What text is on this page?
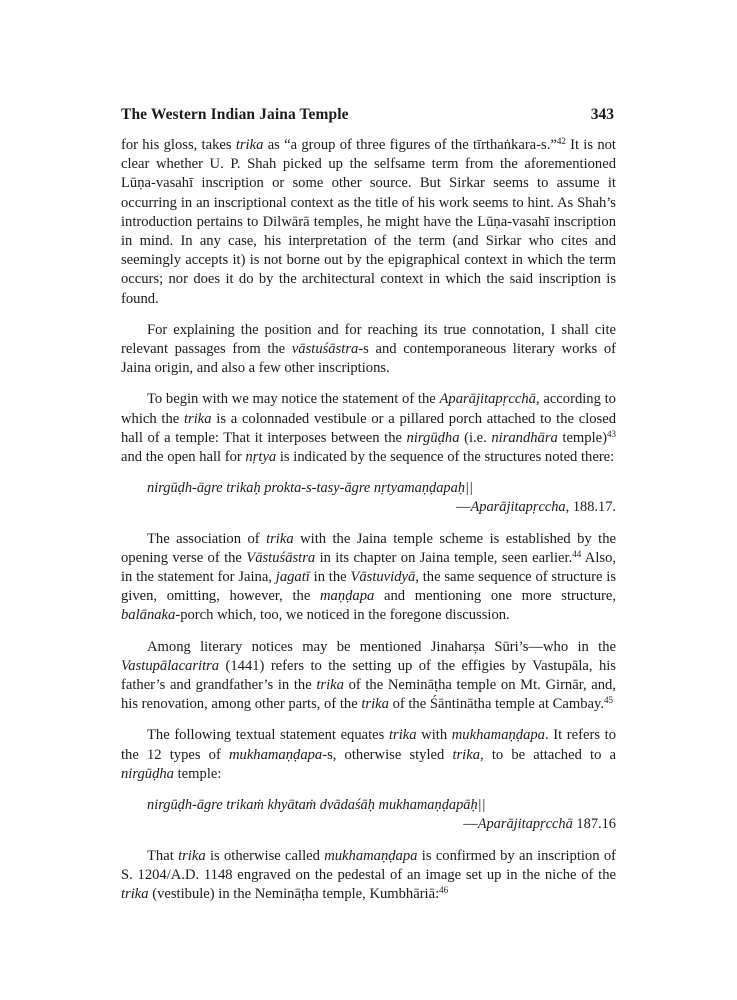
The Western Indian Jaina Temple	343

for his gloss, takes trika as “a group of three figures of the tīrthaṅkara-s.”$^{42}$ It is not clear whether U. P. Shah picked up the selfsame term from the aforementioned Lūṇa-vasahī inscription or some other source. But Sirkar seems to assume it occurring in an inscriptional context as the title of his work seems to hint. As Shah’s introduction pertains to Dilwārā temples, he might have the Lūṇa-vasahī inscription in mind. In any case, his interpretation of the term (and Sirkar who cites and seemingly accepts it) is not borne out by the epigraphical context in which the term occurs; nor does it do by the architectural context in which the said inscription is found.

For explaining the position and for reaching its true connotation, I shall cite relevant passages from the vāstuśāstra-s and contemporaneous literary works of Jaina origin, and also a few other inscriptions.

To begin with we may notice the statement of the Aparājitapṛcchā, according to which the trika is a colonnaded vestibule or a pillared porch attached to the closed hall of a temple: That it interposes between the nirgūḍha (i.e. nirandhāra temple)$^{43}$ and the open hall for nṛtya is indicated by the sequence of the structures noted there:

nirgūḍh-āgre trikaḥ prokta-s-tasy-āgre nṛtyamaṇḍapaḥ||

—Aparājitapṛccha, 188.17.

The association of trika with the Jaina temple scheme is established by the opening verse of the Vāstuśāstra in its chapter on Jaina temple, seen earlier.$^{44}$ Also, in the statement for Jaina, jagatī in the Vāstuvidyā, the same sequence of structure is given, omitting, however, the maṇḍapa and mentioning one more structure, balānaka-porch which, too, we noticed in the foregone discussion.

Among literary notices may be mentioned Jinaharṣa Sūri’s—who in the Vastupālacaritra (1441) refers to the setting up of the effigies by Vastupāla, his father’s and grandfather’s in the trika of the Nemināṭha temple on Mt. Girnār, and, his renovation, among other parts, of the trika of the Śāntinātha temple at Cambay.$^{45}$

The following textual statement equates trika with mukhamaṇḍapa. It refers to the 12 types of mukhamaṇḍapa-s, otherwise styled trika, to be attached to a nirgūḍha temple:

nirgūḍh-āgre trikaṁ khyātaṁ dvādaśāḥ mukhamaṇḍapāḥ||

—Aparājitapṛcchā 187.16

That trika is otherwise called mukhamaṇḍapa is confirmed by an inscription of S. 1204/A.D. 1148 engraved on the pedestal of an image set up in the niche of the trika (vestibule) in the Nemināṭha temple, Kumbhāriā:$^{46}$
